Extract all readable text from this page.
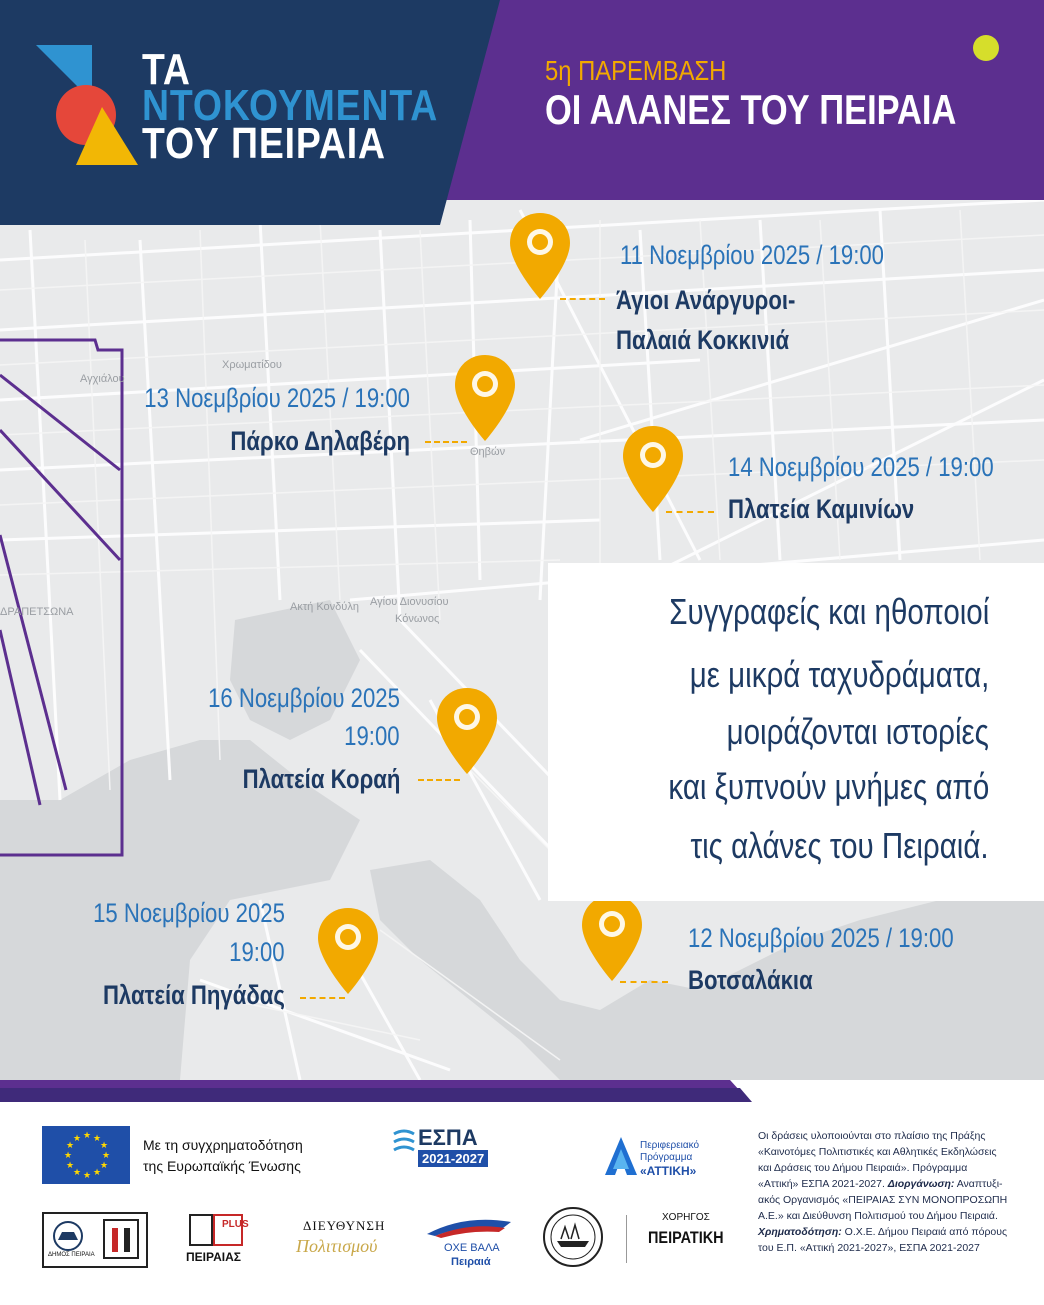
ΔΡΑΠΕΤΣΩΝΑ	Ακτή Κονδύλη Αγίου Διονυσίου
Κόνωνος
Θηβών
Χρωματίδου
Αγχιάλου
ΤΑ
ΝΤΟΚΟΥΜΕΝΤΑ
ΤΟΥ ΠΕΙΡΑΙΑ
5η ΠΑΡΕΜΒΑΣΗ
ΟΙ ΑΛΑΝΕΣ ΤΟΥ ΠΕΙΡΑΙΑ
11 Νοεμβρίου 2025 / 19:00
Άγιοι Ανάργυροι-
Παλαιά Κοκκινιά
13 Νοεμβρίου 2025 / 19:00
Πάρκο Δηλαβέρη
14 Νοεμβρίου 2025 / 19:00
Πλατεία Καμινίων
16 Νοεμβρίου 2025
19:00
Πλατεία Κοραή
15 Νοεμβρίου 2025
19:00
Πλατεία Πηγάδας
12 Νοεμβρίου 2025 / 19:00
Βοτσαλάκια
Συγγραφείς και ηθοποιοί
με μικρά ταχυδράματα,
μοιράζονται ιστορίες
και ξυπνούν μνήμες από
τις αλάνες του Πειραιά.
★ ★
★
★
★
★
★
★
★
★
★
★	Με τη συγχρηματοδότηση
της Ευρωπαϊκής Ένωσης
ΕΣΠΑ
2021-2027
Περιφερειακό
Πρόγραμμα
«ΑΤΤΙΚΗ»
Οι δράσεις υλοποιούνται στο πλαίσιο της Πράξης
«Καινοτόμες Πολιτιστικές και Αθλητικές Εκδηλώσεις
και Δράσεις του Δήμου Πειραιά». Πρόγραμμα
«Αττική» ΕΣΠΑ 2021-2027. Διοργάνωση: Αναπτυξι-
ακός Οργανισμός «ΠΕΙΡΑΙΑΣ ΣΥΝ ΜΟΝΟΠΡΟΣΩΠΗ
Α.Ε.» και Διεύθυνση Πολιτισμού του Δήμου Πειραιά.
Χρηματοδότηση: Ο.Χ.Ε. Δήμου Πειραιά από πόρους
του Ε.Π. «Αττική 2021-2027», ΕΣΠΑ 2021-2027
ΔΗΜΟΣ ΠΕΙΡΑΙΑ
PLUS
ΠΕΙΡΑΙΑΣ
ΔΙΕΥΘΥΝΣΗ
Πολιτισμού	ΟΧΕ ΒΑΛΑ
Πειραιά
ΧΟΡΗΓΟΣ
ΠΕΙΡΑΤΙΚΗ
